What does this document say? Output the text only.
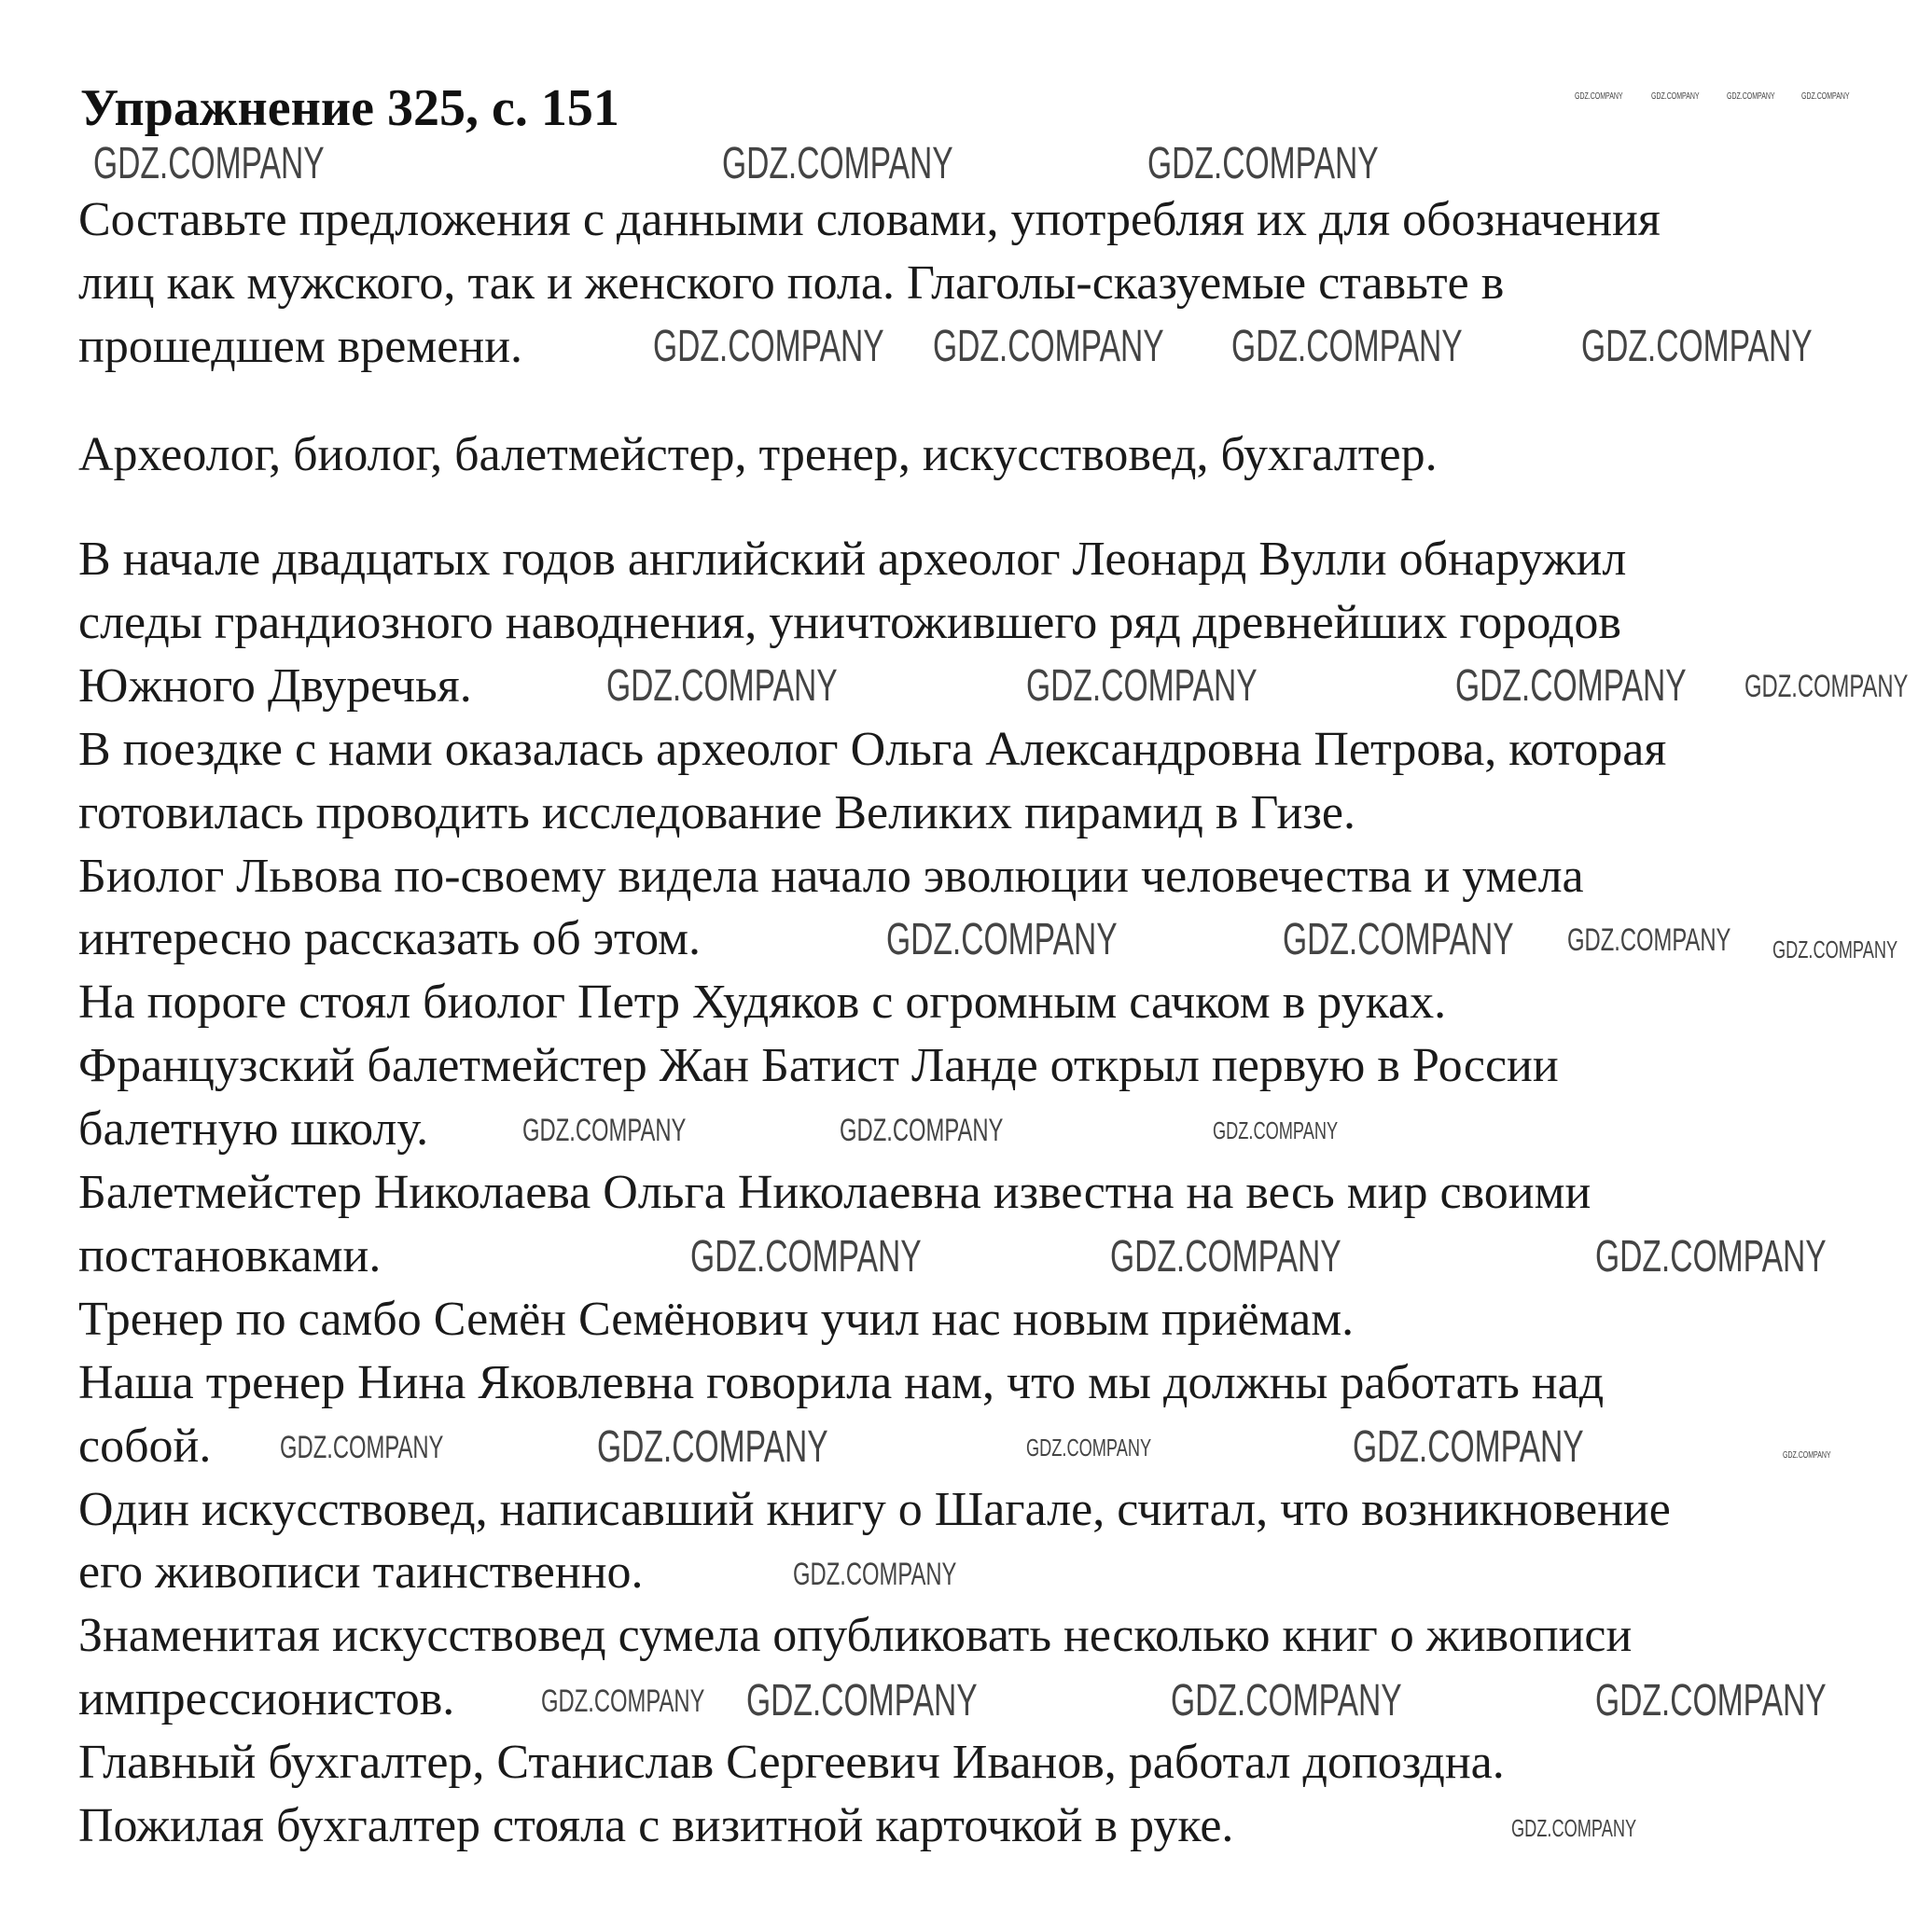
Упражнение 325, с. 151
Составьте предложения с данными словами, употребляя их для обозначения
лиц как мужского, так и женского пола. Глаголы-сказуемые ставьте в
прошедшем времени.
Археолог, биолог, балетмейстер, тренер, искусствовед, бухгалтер.
В начале двадцатых годов английский археолог Леонард Вулли обнаружил
следы грандиозного наводнения, уничтожившего ряд древнейших городов
Южного Двуречья.
В поездке с нами оказалась археолог Ольга Александровна Петрова, которая
готовилась проводить исследование Великих пирамид в Гизе.
Биолог Львова по-своему видела начало эволюции человечества и умела
интересно рассказать об этом.
На пороге стоял биолог Петр Худяков с огромным сачком в руках.
Французский балетмейстер Жан Батист Ланде открыл первую в России
балетную школу.
Балетмейстер Николаева Ольга Николаевна известна на весь мир своими
постановками.
Тренер по самбо Семён Семёнович учил нас новым приёмам.
Наша тренер Нина Яковлевна говорила нам, что мы должны работать над
собой.
Один искусствовед, написавший книгу о Шагале, считал, что возникновение
его живописи таинственно.
Знаменитая искусствовед сумела опубликовать несколько книг о живописи
импрессионистов.
Главный бухгалтер, Станислав Сергеевич Иванов, работал допоздна.
Пожилая бухгалтер стояла с визитной карточкой в руке.
GDZ.COMPANY	GDZ.COMPANY	GDZ.COMPANY
GDZ.COMPANY GDZ.COMPANY GDZ.COMPANY	GDZ.COMPANY
GDZ.COMPANY	GDZ.COMPANY	GDZ.COMPANY
GDZ.COMPANY	GDZ.COMPANY
GDZ.COMPANY	GDZ.COMPANY	GDZ.COMPANY
GDZ.COMPANY	GDZ.COMPANY
GDZ.COMPANY	GDZ.COMPANY	GDZ.COMPANY
GDZ.COMPANY
GDZ.COMPANY
GDZ.COMPANY	GDZ.COMPANY
GDZ.COMPANY
GDZ.COMPANY
GDZ.COMPANY
GDZ.COMPANY
GDZ.COMPANY
GDZ.COMPANY
GDZ.COMPANY
GDZ.COMPANY	GDZ.COMPANY	GDZ.COMPANY	GDZ.COMPANY
GDZ.COMPANY
